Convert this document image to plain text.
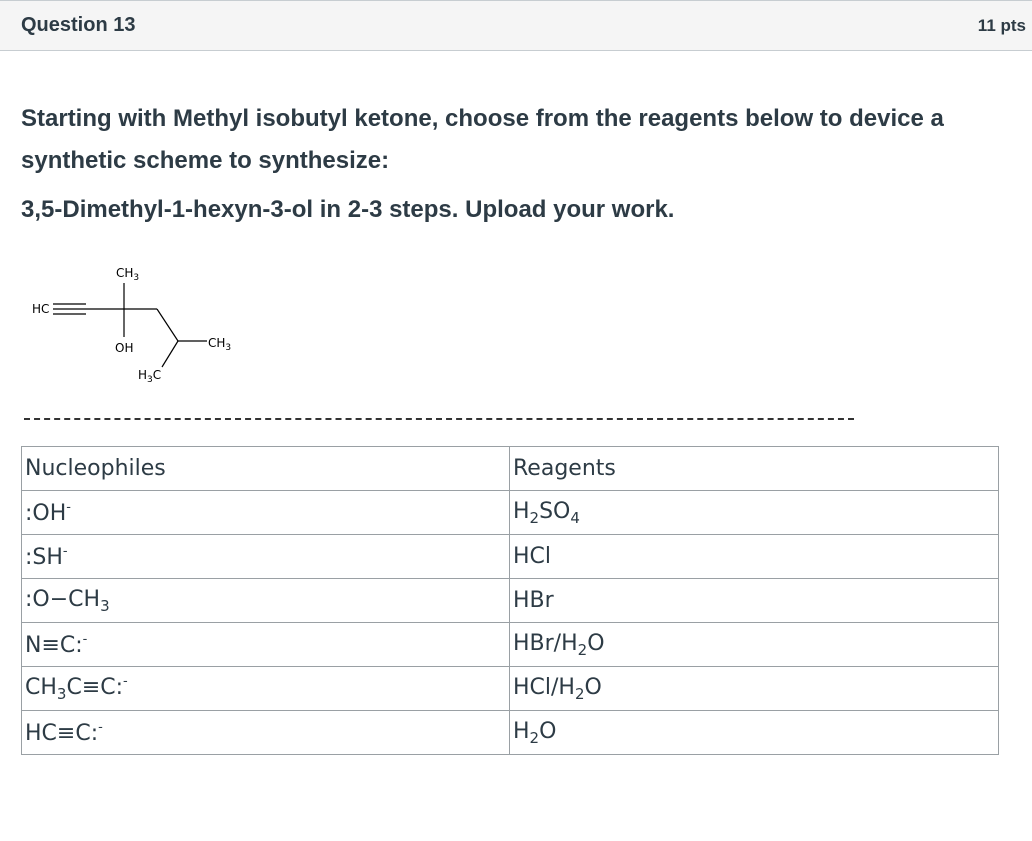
Question 13	11 pts
Starting with Methyl isobutyl ketone, choose from the reagents below to device a synthetic scheme to synthesize:
3,5-Dimethyl-1-hexyn-3-ol in 2-3 steps. Upload your work.
$CH_3$
HC
OH	$CH_3$
$H_3C$
Nucleophiles	Reagents
:OH-	$H_2SO_4$
:SH-	HCl
$:O-CH_3$	HBr
N≡C:-	HBr/$H_2O$
$CH_3C\equiv C:^-$	HCl/$H_2O$
HC≡C:-	$H_2O$
